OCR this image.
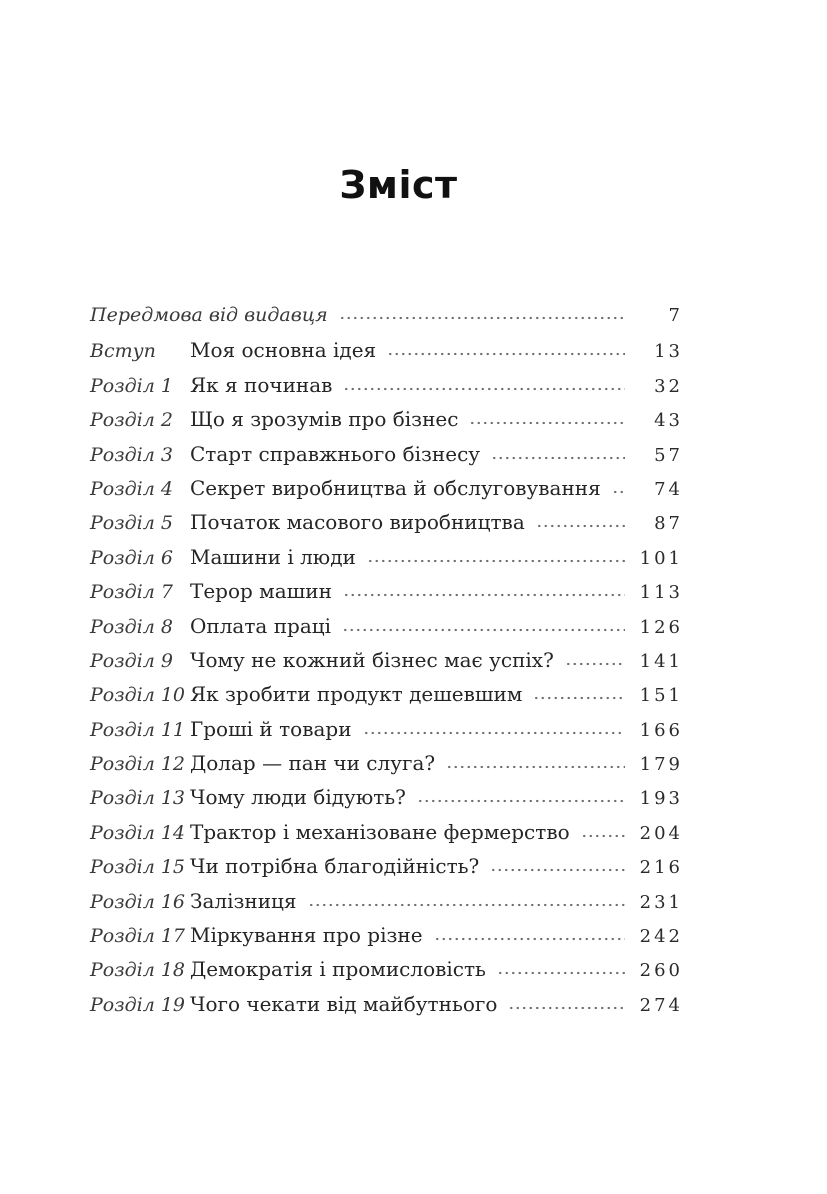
Зміст
Передмова від видавця	7
Вступ	Моя основна ідея	13
Розділ 1 Як я починав	32
Розділ 2 Що я зрозумів про бізнес	43
Розділ 3 Старт справжнього бізнесу	57
Розділ 4 Секрет виробництва й обслуговування	74
Розділ 5 Початок масового виробництва	87
Розділ 6 Машини і люди	101
Розділ 7 Терор машин	113
Розділ 8 Оплата праці	126
Розділ 9 Чому не кожний бізнес має успіх?	141
Розділ 10 Як зробити продукт дешевшим	151
Розділ 11 Гроші й товари	166
Розділ 12 Долар — пан чи слуга?	179
Розділ 13 Чому люди бідують?	193
Розділ 14 Трактор і механізоване фермерство	204
Розділ 15 Чи потрібна благодійність?	216
Розділ 16 Залізниця	231
Розділ 17 Міркування про різне	242
Розділ 18 Демократія і промисловість	260
Розділ 19 Чого чекати від майбутнього	274
